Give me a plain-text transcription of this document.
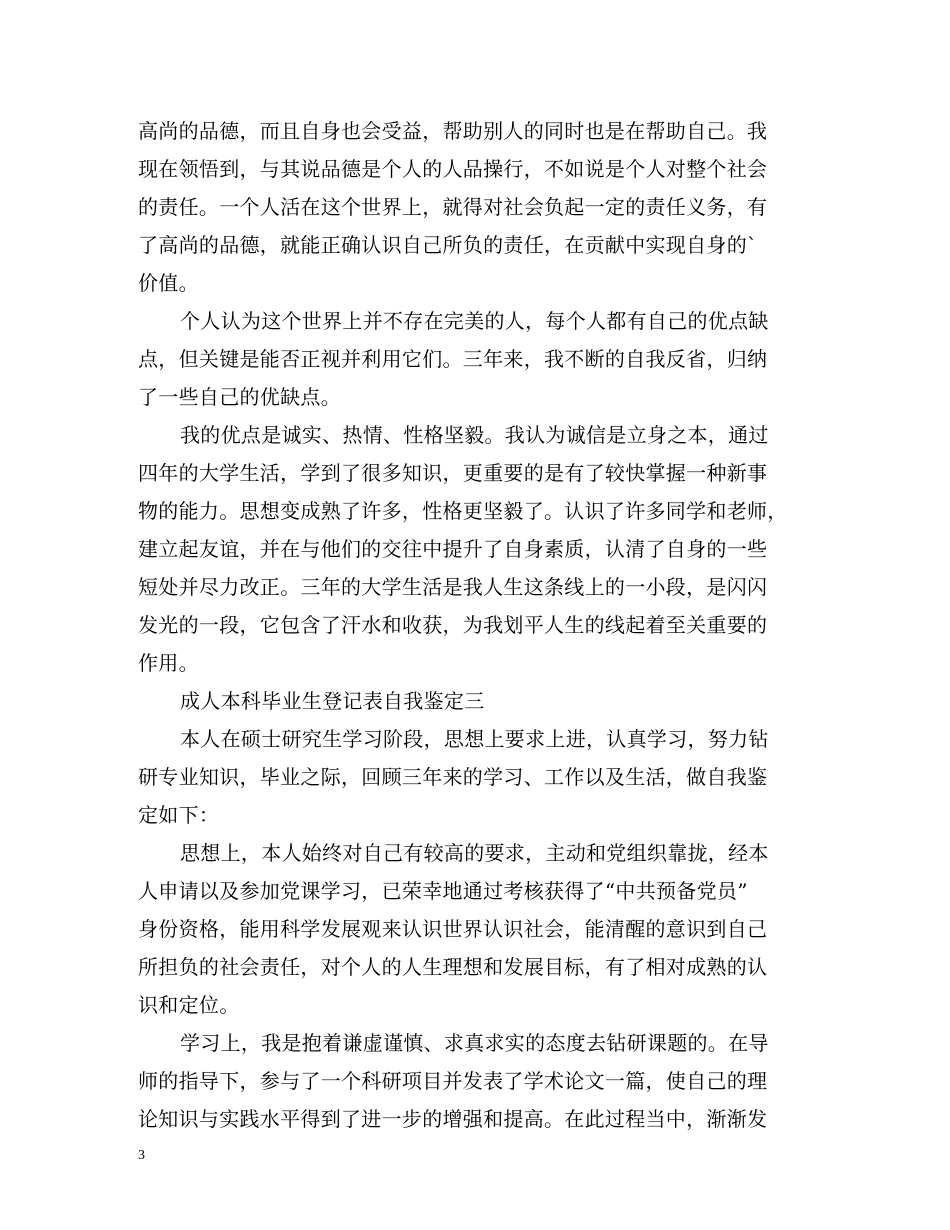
高尚的品德，而且自身也会受益，帮助别人的同时也是在帮助自己。我
现在领悟到，与其说品德是个人的人品操行，不如说是个人对整个社会
的责任。一个人活在这个世界上，就得对社会负起一定的责任义务，有
了高尚的品德，就能正确认识自己所负的责任，在贡献中实现自身的`
价值。
个人认为这个世界上并不存在完美的人，每个人都有自己的优点缺
点，但关键是能否正视并利用它们。三年来，我不断的自我反省，归纳
了一些自己的优缺点。
我的优点是诚实、热情、性格坚毅。我认为诚信是立身之本，通过
四年的大学生活，学到了很多知识，更重要的是有了较快掌握一种新事
物的能力。思想变成熟了许多，性格更坚毅了。认识了许多同学和老师，
建立起友谊，并在与他们的交往中提升了自身素质，认清了自身的一些
短处并尽力改正。三年的大学生活是我人生这条线上的一小段，是闪闪
发光的一段，它包含了汗水和收获，为我划平人生的线起着至关重要的
作用。
成人本科毕业生登记表自我鉴定三
本人在硕士研究生学习阶段，思想上要求上进，认真学习，努力钻
研专业知识，毕业之际，回顾三年来的学习、工作以及生活，做自我鉴
定如下：
思想上，本人始终对自己有较高的要求，主动和党组织靠拢，经本
人申请以及参加党课学习，已荣幸地通过考核获得了“中共预备党员”
身份资格，能用科学发展观来认识世界认识社会，能清醒的意识到自己
所担负的社会责任，对个人的人生理想和发展目标，有了相对成熟的认
识和定位。
学习上，我是抱着谦虚谨慎、求真求实的态度去钻研课题的。在导
师的指导下，参与了一个科研项目并发表了学术论文一篇，使自己的理
论知识与实践水平得到了进一步的增强和提高。在此过程当中，渐渐发
3
